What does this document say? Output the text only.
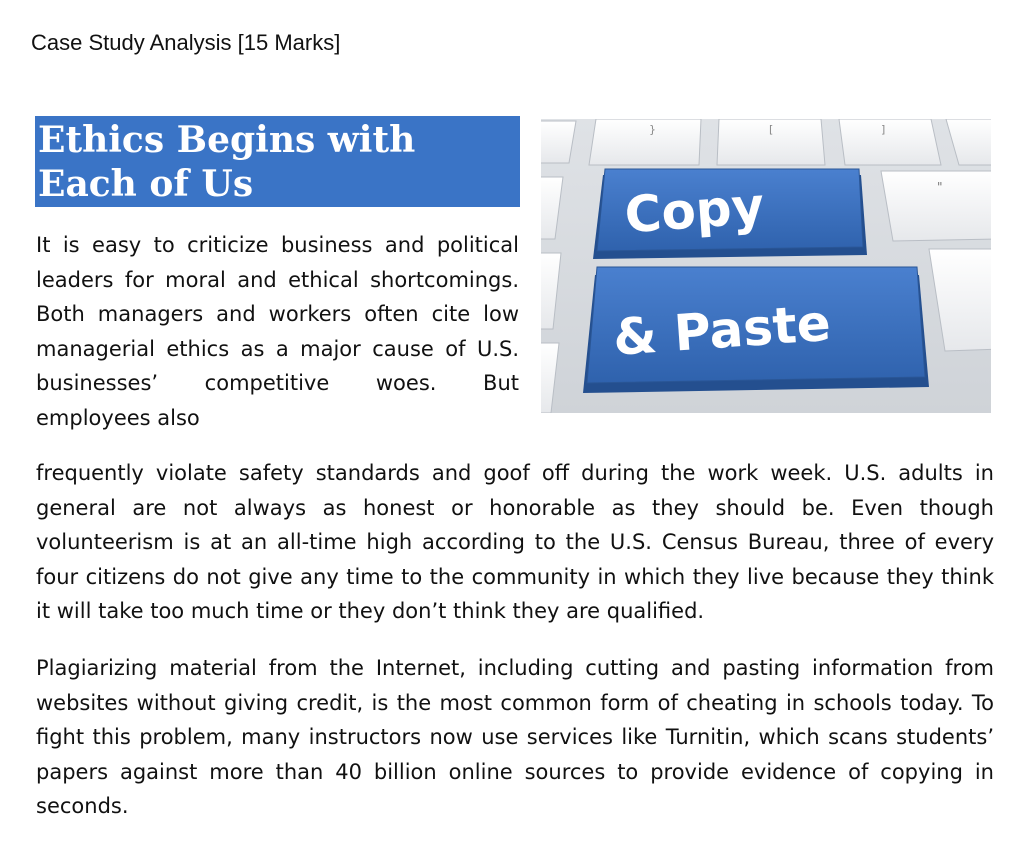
Case Study Analysis [15 Marks]
Ethics Begins with
Each of Us

It is easy to criticize business and political leaders for moral and ethical shortcomings. Both managers and workers often cite low managerial ethics as a major cause of U.S. businesses’ competitive woes. But employees also

}	[	]
"
Copy
& Paste

frequently violate safety standards and goof off during the work week. U.S. adults in general are not always as honest or honorable as they should be. Even though volunteerism is at an all-time high according to the U.S. Census Bureau, three of every four citizens do not give any time to the community in which they live because they think it will take too much time or they don’t think they are qualified.

Plagiarizing material from the Internet, including cutting and pasting information from websites without giving credit, is the most common form of cheating in schools today. To fight this problem, many instructors now use services like Turnitin, which scans students’ papers against more than 40 billion online sources to provide evidence of copying in seconds.
